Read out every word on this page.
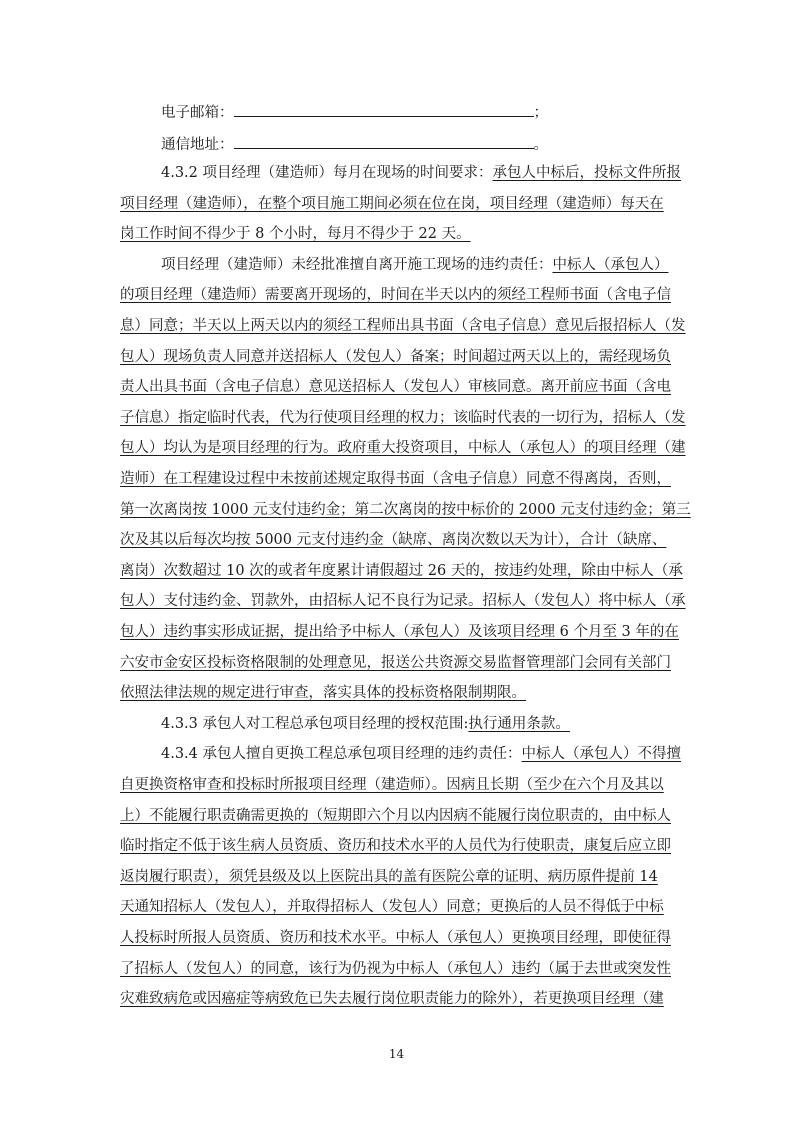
电子邮箱：	；
通信地址：	。
4.3.2 项目经理（建造师）每月在现场的时间要求：承包人中标后，投标文件所报
项目经理（建造师），在整个项目施工期间必须在位在岗，项目经理（建造师）每天在
岗工作时间不得少于 8 个小时，每月不得少于 22 天。
项目经理（建造师）未经批准擅自离开施工现场的违约责任：中标人（承包人）
的项目经理（建造师）需要离开现场的，时间在半天以内的须经工程师书面（含电子信
息）同意；半天以上两天以内的须经工程师出具书面（含电子信息）意见后报招标人（发
包人）现场负责人同意并送招标人（发包人）备案；时间超过两天以上的，需经现场负
责人出具书面（含电子信息）意见送招标人（发包人）审核同意。离开前应书面（含电
子信息）指定临时代表，代为行使项目经理的权力；该临时代表的一切行为，招标人（发
包人）均认为是项目经理的行为。政府重大投资项目，中标人（承包人）的项目经理（建
造师）在工程建设过程中未按前述规定取得书面（含电子信息）同意不得离岗，否则，
第一次离岗按 1000 元支付违约金；第二次离岗的按中标价的 2000 元支付违约金；第三
次及其以后每次均按 5000 元支付违约金（缺席、离岗次数以天为计），合计（缺席、
离岗）次数超过 10 次的或者年度累计请假超过 26 天的，按违约处理，除由中标人（承
包人）支付违约金、罚款外，由招标人记不良行为记录。招标人（发包人）将中标人（承
包人）违约事实形成证据，提出给予中标人（承包人）及该项目经理 6 个月至 3 年的在
六安市金安区投标资格限制的处理意见，报送公共资源交易监督管理部门会同有关部门
依照法律法规的规定进行审查，落实具体的投标资格限制期限。
4.3.3 承包人对工程总承包项目经理的授权范围:执行通用条款。
4.3.4 承包人擅自更换工程总承包项目经理的违约责任：中标人（承包人）不得擅
自更换资格审查和投标时所报项目经理（建造师）。因病且长期（至少在六个月及其以
上）不能履行职责确需更换的（短期即六个月以内因病不能履行岗位职责的，由中标人
临时指定不低于该生病人员资质、资历和技术水平的人员代为行使职责，康复后应立即
返岗履行职责），须凭县级及以上医院出具的盖有医院公章的证明、病历原件提前 14
天通知招标人（发包人），并取得招标人（发包人）同意；更换后的人员不得低于中标
人投标时所报人员资质、资历和技术水平。中标人（承包人）更换项目经理，即使征得
了招标人（发包人）的同意，该行为仍视为中标人（承包人）违约（属于去世或突发性
灾难致病危或因癌症等病致危已失去履行岗位职责能力的除外），若更换项目经理（建
14
